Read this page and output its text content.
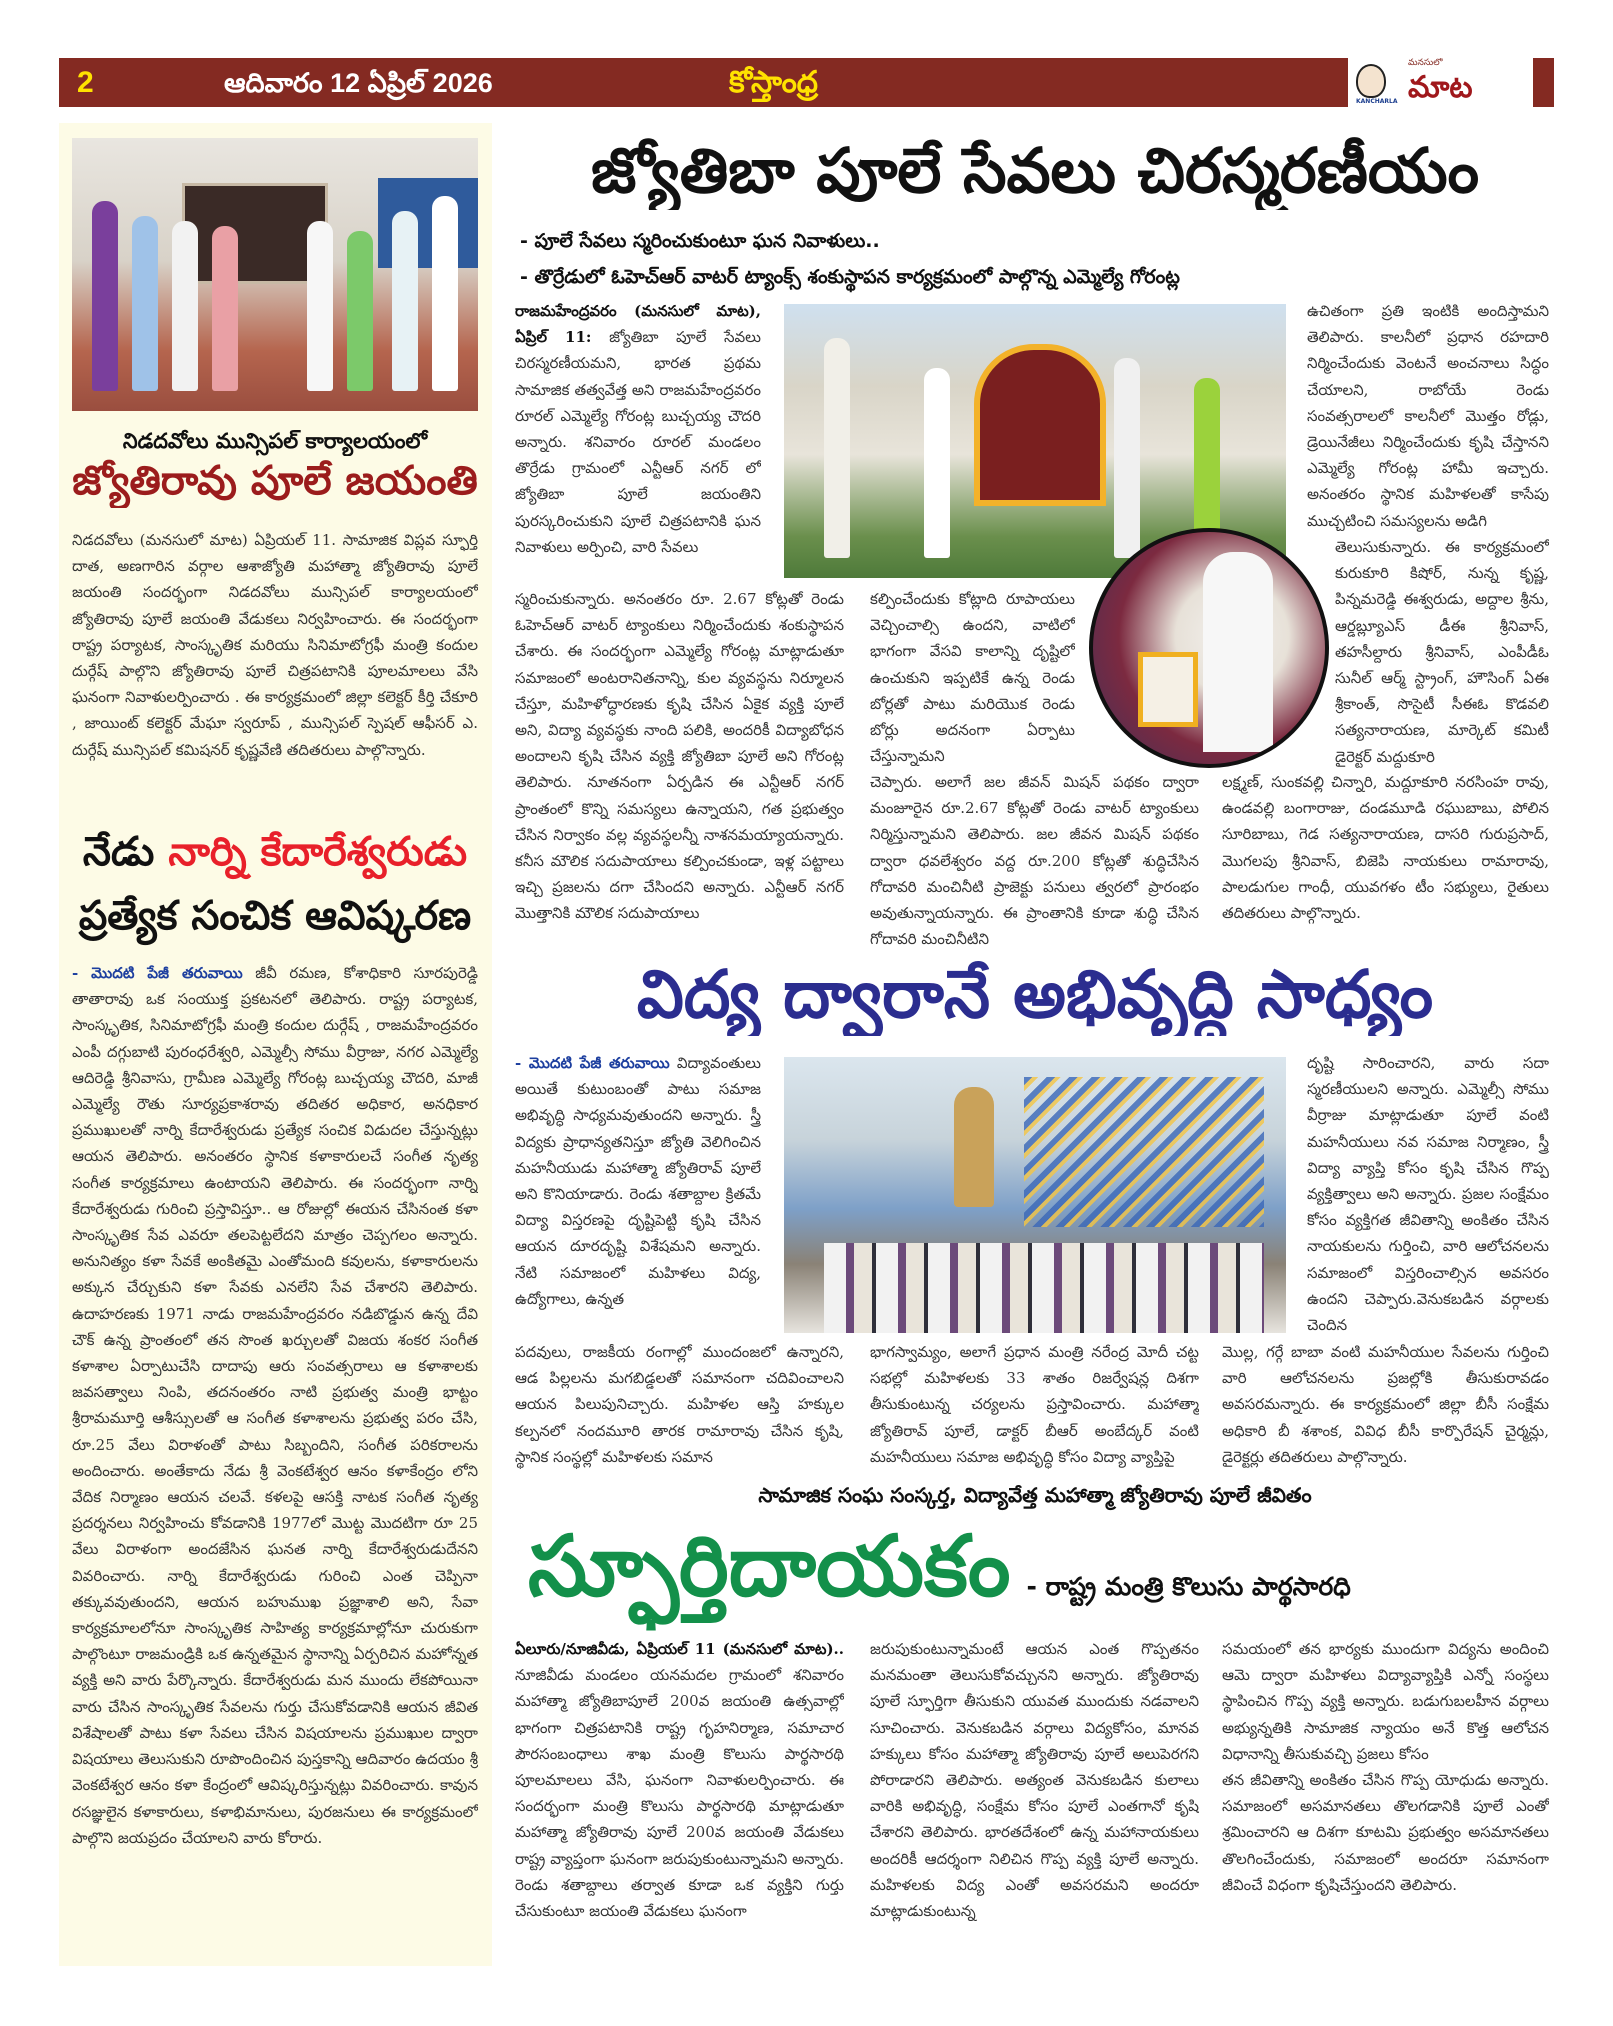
2	ఆదివారం 12 ఏప్రిల్ 2026	కోస్తాంధ్ర
KANCHARLA
మనసులో
మాట
నిడదవోలు మున్సిపల్ కార్యాలయంలో
జ్యోతిరావు పూలే జయంతి
నిడదవోలు (మనసులో మాట) ఏప్రియల్ 11. సామాజిక విప్లవ స్ఫూర్తి దాత, అణగారిన వర్గాల ఆశాజ్యోతి మహాత్మా జ్యోతిరావు పూలే జయంతి సందర్భంగా నిడదవోలు మున్సిపల్ కార్యాలయంలో జ్యోతిరావు పూలే జయంతి వేడుకలు నిర్వహించారు. ఈ సందర్భంగా రాష్ట్ర పర్యాటక, సాంస్కృతిక మరియు సినిమాటోగ్రఫీ మంత్రి కందుల దుర్గేష్ పాల్గొని జ్యోతిరావు పూలే చిత్రపటానికి పూలమాలలు వేసి ఘనంగా నివాళులర్పించారు . ఈ కార్యక్రమంలో జిల్లా కలెక్టర్ కీర్తి చేకూరి , జాయింట్ కలెక్టర్ మేఘా స్వరూప్ , మున్సిపల్ స్పెషల్ ఆఫీసర్ ఎ. దుర్గేష్ మున్సిపల్ కమిషనర్ కృష్ణవేణి తదితరులు పాల్గొన్నారు.
నేడు నార్ని కేదారేశ్వరుడు
ప్రత్యేక సంచిక ఆవిష్కరణ
- మొదటి పేజీ తరువాయి జీవీ రమణ, కోశాధికారి సూరపురెడ్డి తాతారావు ఒక సంయుక్త ప్రకటనలో తెలిపారు. రాష్ట్ర పర్యాటక, సాంస్కృతిక, సినిమాటోగ్రఫీ మంత్రి కందుల దుర్గేష్ , రాజమహేంద్రవరం ఎంపీ దగ్గుబాటి పురంధరేశ్వరి, ఎమ్మెల్సీ సోము వీర్రాజు, నగర ఎమ్మెల్యే ఆదిరెడ్డి శ్రీనివాసు, గ్రామీణ ఎమ్మెల్యే గోరంట్ల బుచ్చయ్య చౌదరి, మాజీ ఎమ్మెల్యే రౌతు సూర్యప్రకాశరావు తదితర అధికార, అనధికార ప్రముఖులతో నార్ని కేదారేశ్వరుడు ప్రత్యేక సంచిక విడుదల చేస్తున్నట్లు ఆయన తెలిపారు. అనంతరం స్థానిక కళాకారులచే సంగీత నృత్య సంగీత కార్యక్రమాలు ఉంటాయని తెలిపారు. ఈ సందర్భంగా నార్ని కేదారేశ్వరుడు గురించి ప్రస్తావిస్తూ.. ఆ రోజుల్లో ఈయన చేసినంత కళా సాంస్కృతిక సేవ ఎవరూ తలపెట్టలేదని మాత్రం చెప్పగలం అన్నారు. అనునిత్యం కళా సేవకే అంకితమై ఎంతోమంది కవులను, కళాకారులను అక్కున చేర్చుకుని కళా సేవకు ఎనలేని సేవ చేశారని తెలిపారు. ఉదాహరణకు 1971 నాడు రాజమహేంద్రవరం నడిబొడ్డున ఉన్న దేవి చౌక్ ఉన్న ప్రాంతంలో తన సొంత ఖర్చులతో విజయ శంకర సంగీత కళాశాల ఏర్పాటుచేసి దాదాపు ఆరు సంవత్సరాలు ఆ కళాశాలకు జవసత్వాలు నింపి, తదనంతరం నాటి ప్రభుత్వ మంత్రి భాట్టం శ్రీరామమూర్తి ఆశీస్సులతో ఆ సంగీత కళాశాలను ప్రభుత్వ పరం చేసి, రూ.25 వేలు విరాళంతో పాటు సిబ్బందిని, సంగీత పరికరాలను అందించారు. అంతేకాదు నేడు శ్రీ వెంకటేశ్వర ఆనం కళాకేంద్రం లోని వేదిక నిర్మాణం ఆయన చలవే. కళలపై ఆసక్తి నాటక సంగీత నృత్య ప్రదర్శనలు నిర్వహించు కోవడానికి 1977లో మొట్ట మొదటిగా రూ 25 వేలు విరాళంగా అందజేసిన ఘనత నార్ని కేదారేశ్వరుడుదేనని వివరించారు. నార్ని కేదారేశ్వరుడు గురించి ఎంత చెప్పినా తక్కువవుతుందని, ఆయన బహుముఖ ప్రజ్ఞాశాలి అని, సేవా కార్యక్రమాలలోనూ సాంస్కృతిక సాహిత్య కార్యక్రమాల్లోనూ చురుకుగా పాల్గొంటూ రాజమండ్రికి ఒక ఉన్నతమైన స్థానాన్ని ఏర్పరిచిన మహోన్నత వ్యక్తి అని వారు పేర్కొన్నారు. కేదారేశ్వరుడు మన ముందు లేకపోయినా వారు చేసిన సాంస్కృతిక సేవలను గుర్తు చేసుకోవడానికి ఆయన జీవిత విశేషాలతో పాటు కళా సేవలు చేసిన విషయాలను ప్రముఖుల ద్వారా విషయాలు తెలుసుకుని రూపొందించిన పుస్తకాన్ని ఆదివారం ఉదయం శ్రీ వెంకటేశ్వర ఆనం కళా కేంద్రంలో ఆవిష్కరిస్తున్నట్లు వివరించారు. కావున రసజ్ఞులైన కళాకారులు, కళాభిమానులు, పురజనులు ఈ కార్యక్రమంలో పాల్గొని జయప్రదం చేయాలని వారు కోరారు.
జ్యోతిబా పూలే సేవలు చిరస్మరణీయం
- పూలే సేవలు స్మరించుకుంటూ ఘన నివాళులు..
- తొర్రేడులో ఓహెచ్ఆర్ వాటర్ ట్యాంక్స్ శంకుస్థాపన కార్యక్రమంలో పాల్గొన్న ఎమ్మెల్యే గోరంట్ల
రాజమహేంద్రవరం (మనసులో మాట), ఏప్రిల్ 11: జ్యోతిబా పూలే సేవలు చిరస్మరణీయమని, భారత ప్రథమ సామాజిక తత్వవేత్త అని రాజమహేంద్రవరం రూరల్ ఎమ్మెల్యే గోరంట్ల బుచ్చయ్య చౌదరి అన్నారు. శనివారం రూరల్ మండలం తొర్రేడు గ్రామంలో ఎన్టీఆర్ నగర్ లో జ్యోతిబా పూలే జయంతిని పురస్కరించుకుని పూలే చిత్రపటానికి ఘన నివాళులు అర్పించి, వారి సేవలు
స్మరించుకున్నారు. అనంతరం రూ. 2.67 కోట్లతో రెండు ఓహెచ్ఆర్ వాటర్ ట్యాంకులు నిర్మించేందుకు శంకుస్థాపన చేశారు. ఈ సందర్భంగా ఎమ్మెల్యే గోరంట్ల మాట్లాడుతూ సమాజంలో అంటరానితనాన్ని, కుల వ్యవస్థను నిర్మూలన చేస్తూ, మహిళోద్ధారణకు కృషి చేసిన ఏకైక వ్యక్తి పూలే అని, విద్యా వ్యవస్థకు నాంది పలికి, అందరికీ విద్యాబోధన అందాలని కృషి చేసిన వ్యక్తి జ్యోతిబా పూలే అని గోరంట్ల తెలిపారు. నూతనంగా ఏర్పడిన ఈ ఎన్టీఆర్ నగర్ ప్రాంతంలో కొన్ని సమస్యలు ఉన్నాయని, గత ప్రభుత్వం చేసిన నిర్వాకం వల్ల వ్యవస్థలన్నీ నాశనమయ్యాయన్నారు. కనీస మౌలిక సదుపాయాలు కల్పించకుండా, ఇళ్ల పట్టాలు ఇచ్చి ప్రజలను దగా చేసిందని అన్నారు. ఎన్టీఆర్ నగర్ మొత్తానికి మౌలిక సదుపాయాలు
కల్పించేందుకు కోట్లాది రూపాయలు వెచ్చించాల్సి ఉందని, వాటిలో భాగంగా వేసవి కాలాన్ని దృష్టిలో ఉంచుకుని ఇప్పటికే ఉన్న రెండు బోర్లతో పాటు మరియొక రెండు బోర్లు అదనంగా ఏర్పాటు చేస్తున్నామని
చెప్పారు. అలాగే జల జీవన్ మిషన్ పథకం ద్వారా మంజూరైన రూ.2.67 కోట్లతో రెండు వాటర్ ట్యాంకులు నిర్మిస్తున్నామని తెలిపారు. జల జీవన మిషన్ పథకం ద్వారా ధవలేశ్వరం వద్ద రూ.200 కోట్లతో శుద్ధిచేసిన గోదావరి మంచినీటి ప్రాజెక్టు పనులు త్వరలో ప్రారంభం అవుతున్నాయన్నారు. ఈ ప్రాంతానికి కూడా శుద్ధి చేసిన గోదావరి మంచినీటిని
ఉచితంగా ప్రతి ఇంటికి అందిస్తామని తెలిపారు. కాలనీలో ప్రధాన రహదారి నిర్మించేందుకు వెంటనే అంచనాలు సిద్ధం చేయాలని, రాబోయే రెండు సంవత్సరాలలో కాలనీలో మొత్తం రోడ్లు, డ్రెయినేజీలు నిర్మించేందుకు కృషి చేస్తానని ఎమ్మెల్యే గోరంట్ల హామీ ఇచ్చారు. అనంతరం స్థానిక మహిళలతో కాసేపు ముచ్చటించి సమస్యలను అడిగి
తెలుసుకున్నారు. ఈ కార్యక్రమంలో కురుకూరి కిషోర్, నున్న కృష్ణ, పిన్నమరెడ్డి ఈశ్వరుడు, అద్దాల శ్రీను, ఆర్డబ్ల్యూఎస్ డీఈ శ్రీనివాస్, తహసీల్దారు శ్రీనివాస్, ఎంపీడీఓ సునీల్ ఆర్మ్ స్ట్రాంగ్, హౌసింగ్ ఏఈ శ్రీకాంత్, సొసైటీ సీఈఓ కొడవలి సత్యనారాయణ, మార్కెట్ కమిటీ డైరెక్టర్ మద్దుకూరి
లక్ష్మణ్, సుంకవల్లి చిన్నారి, మద్దూకూరి నరసింహ రావు, ఉండవల్లి బంగారాజు, దండమూడి రఘుబాబు, పోలిన సూరిబాబు, గెడ సత్యనారాయణ, దాసరి గురుప్రసాద్, మొగలపు శ్రీనివాస్, బిజెపి నాయకులు రామారావు, పాలడుగుల గాంధీ, యువగళం టీం సభ్యులు, రైతులు తదితరులు పాల్గొన్నారు.
విద్య ద్వారానే అభివృద్ధి సాధ్యం
- మొదటి పేజీ తరువాయి విద్యావంతులు అయితే కుటుంబంతో పాటు సమాజ అభివృద్ధి సాధ్యమవుతుందని అన్నారు. స్త్రీ విద్యకు ప్రాధాన్యతనిస్తూ జ్యోతి వెలిగించిన మహనీయుడు మహాత్మా జ్యోతిరావ్ పూలే అని కొనియాడారు. రెండు శతాబ్దాల క్రితమే విద్యా విస్తరణపై దృష్టిపెట్టి కృషి చేసిన ఆయన దూరదృష్టి విశేషమని అన్నారు. నేటి సమాజంలో మహిళలు విద్య, ఉద్యోగాలు, ఉన్నత
దృష్టి సారించారని, వారు సదా స్మరణీయులని అన్నారు. ఎమ్మెల్సీ సోము వీర్రాజు మాట్లాడుతూ పూలే వంటి మహనీయులు నవ సమాజ నిర్మాణం, స్త్రీ విద్యా వ్యాప్తి కోసం కృషి చేసిన గొప్ప వ్యక్తిత్వాలు అని అన్నారు. ప్రజల సంక్షేమం కోసం వ్యక్తిగత జీవితాన్ని అంకితం చేసిన నాయకులను గుర్తించి, వారి ఆలోచనలను సమాజంలో విస్తరించాల్సిన అవసరం ఉందని చెప్పారు.వెనుకబడిన వర్గాలకు చెందిన
పదవులు, రాజకీయ రంగాల్లో ముందంజలో ఉన్నారని, ఆడ పిల్లలను మగబిడ్డలతో సమానంగా చదివించాలని ఆయన పిలుపునిచ్చారు. మహిళల ఆస్తి హక్కుల కల్పనలో నందమూరి తారక రామారావు చేసిన కృషి, స్థానిక సంస్థల్లో మహిళలకు సమాన
భాగస్వామ్యం, అలాగే ప్రధాన మంత్రి నరేంద్ర మోదీ చట్ట సభల్లో మహిళలకు 33 శాతం రిజర్వేషన్ల దిశగా తీసుకుంటున్న చర్యలను ప్రస్తావించారు. మహాత్మా జ్యోతిరావ్ పూలే, డాక్టర్ బీఆర్ అంబేద్కర్ వంటి మహనీయులు సమాజ అభివృద్ధి కోసం విద్యా వ్యాప్తిపై
మొల్ల, గర్గే బాబా వంటి మహనీయుల సేవలను గుర్తించి వారి ఆలోచనలను ప్రజల్లోకి తీసుకురావడం అవసరమన్నారు. ఈ కార్యక్రమంలో జిల్లా బీసీ సంక్షేమ అధికారి బీ శశాంక, వివిధ బీసీ కార్పొరేషన్ చైర్మన్లు, డైరెక్టర్లు తదితరులు పాల్గొన్నారు.
సామాజిక సంఘ సంస్కర్త, విద్యావేత్త మహాత్మా జ్యోతిరావు పూలే జీవితం
స్ఫూర్తిదాయకం - రాష్ట్ర మంత్రి కొలుసు పార్థసారధి
ఏలూరు/నూజివీడు, ఏప్రియల్ 11 (మనసులో మాట).. నూజివీడు మండలం యనమదల గ్రామంలో శనివారం మహాత్మా జ్యోతిబాపూలే 200వ జయంతి ఉత్సవాల్లో భాగంగా చిత్రపటానికి రాష్ట్ర గృహనిర్మాణ, సమాచార పౌరసంబంధాలు శాఖ మంత్రి కొలుసు పార్థసారథి పూలమాలలు వేసి, ఘనంగా నివాళులర్పించారు. ఈ సందర్భంగా మంత్రి కొలుసు పార్థసారథి మాట్లాడుతూ మహాత్మా జ్యోతిరావు పూలే 200వ జయంతి వేడుకలు రాష్ట్ర వ్యాప్తంగా ఘనంగా జరుపుకుంటున్నామని అన్నారు. రెండు శతాబ్దాలు తర్వాత కూడా ఒక వ్యక్తిని గుర్తు చేసుకుంటూ జయంతి వేడుకలు ఘనంగా
జరుపుకుంటున్నామంటే ఆయన ఎంత గొప్పతనం మనమంతా తెలుసుకోవచ్చునని అన్నారు. జ్యోతిరావు పూలే స్ఫూర్తిగా తీసుకుని యువత ముందుకు నడవాలని సూచించారు. వెనుకబడిన వర్గాలు విద్యకోసం, మానవ హక్కులు కోసం మహాత్మా జ్యోతిరావు పూలే అలుపెరగని పోరాడారని తెలిపారు. అత్యంత వెనుకబడిన కులాలు వారికి అభివృద్ధి, సంక్షేమ కోసం పూలే ఎంతగానో కృషి చేశారని తెలిపారు. భారతదేశంలో ఉన్న మహానాయకులు అందరికీ ఆదర్శంగా నిలిచిన గొప్ప వ్యక్తి పూలే అన్నారు. మహిళలకు విద్య ఎంతో అవసరమని అందరూ మాట్లాడుకుంటున్న
సమయంలో తన భార్యకు ముందుగా విద్యను అందించి ఆమె ద్వారా మహిళలు విద్యావ్యాప్తికి ఎన్నో సంస్థలు స్థాపించిన గొప్ప వ్యక్తి అన్నారు. బడుగుబలహీన వర్గాలు అభ్యున్నతికి సామాజిక న్యాయం అనే కొత్త ఆలోచన విధానాన్ని తీసుకువచ్చి ప్రజలు కోసం
తన జీవితాన్ని అంకితం చేసిన గొప్ప యోధుడు అన్నారు. సమాజంలో అసమానతలు తొలగడానికి పూలే ఎంతో శ్రమించారని ఆ దిశగా కూటమి ప్రభుత్వం అసమానతలు తొలగించేందుకు, సమాజంలో అందరూ సమానంగా జీవించే విధంగా కృషిచేస్తుందని తెలిపారు.
